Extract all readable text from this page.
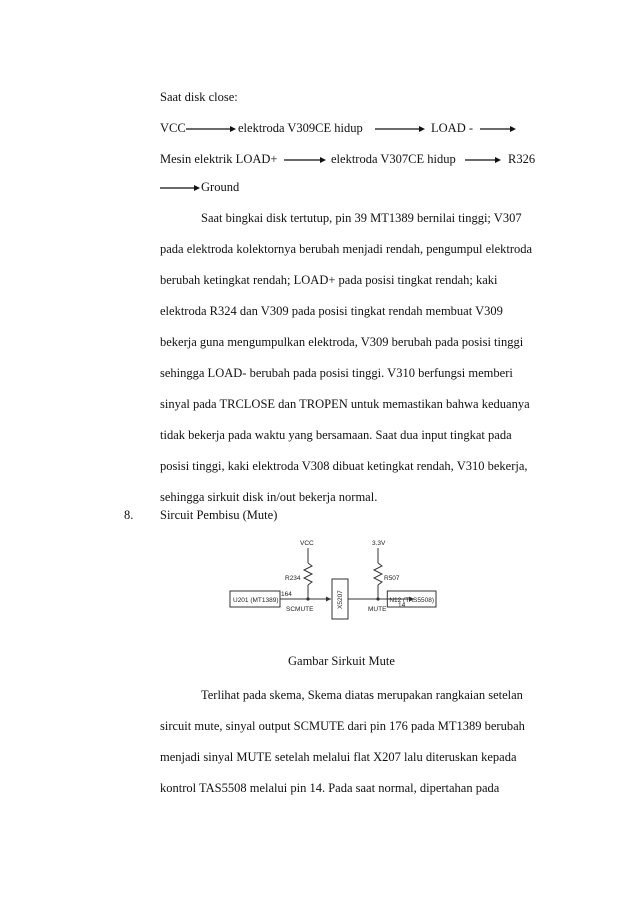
Saat disk close:
VCC	elektroda V309CE hidup	LOAD -
Mesin elektrik LOAD+	elektroda V307CE hidup	R326
Ground

Saat bingkai disk tertutup, pin 39 MT1389 bernilai tinggi; V307

pada elektroda kolektornya berubah menjadi rendah, pengumpul elektroda

berubah ketingkat rendah; LOAD+ pada posisi tingkat rendah; kaki

elektroda R324 dan V309 pada posisi tingkat rendah membuat V309

bekerja guna mengumpulkan elektroda, V309 berubah pada posisi tinggi

sehingga LOAD- berubah pada posisi tinggi. V310 berfungsi memberi

sinyal pada TRCLOSE dan TROPEN untuk memastikan bahwa keduanya

tidak bekerja pada waktu yang bersamaan. Saat dua input tingkat pada

posisi tinggi, kaki elektroda V308 dibuat ketingkat rendah, V310 bekerja,

sehingga sirkuit disk in/out bekerja normal.

8. Sircuit Pembisu (Mute)
VCC
R234
3.3V
R507
U201 (MT1389)
164
SCMUTE
X5207
MUTE
14
N12 (TAS5508)
Gambar Sirkuit Mute

Terlihat pada skema, Skema diatas merupakan rangkaian setelan

sircuit mute, sinyal output SCMUTE dari pin 176 pada MT1389 berubah

menjadi sinyal MUTE setelah melalui flat X207 lalu diteruskan kepada

kontrol TAS5508 melalui pin 14. Pada saat normal, dipertahan pada
